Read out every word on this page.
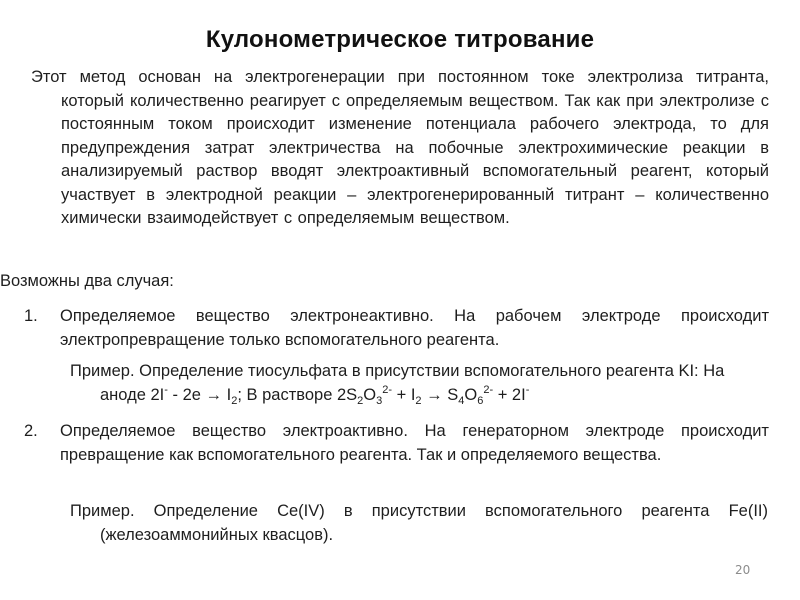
Кулонометрическое титрование
Этот метод основан на электрогенерации при постоянном токе электролиза титранта, который количественно реагирует с определяемым веществом. Так как при электролизе с постоянным током происходит изменение потенциала рабочего электрода, то для предупреждения затрат электричества на побочные электрохимические реакции в анализируемый раствор вводят электроактивный вспомогательный реагент, который участвует в электродной реакции – электрогенерированный титрант – количественно химически взаимодействует с определяемым веществом.
Возможны два случая:
1. Определяемое вещество электронеактивно. На рабочем электроде происходит электропревращение только вспомогательного реагента.
Пример. Определение тиосульфата в присутствии вспомогательного реагента KI: На аноде $2I^- - 2e \to I_2$; В растворе $2S_2O_3^{2-} + I_2 \to S_4O_6^{2-} + 2I^-$
2. Определяемое вещество электроактивно. На генераторном электроде происходит превращение как вспомогательного реагента. Так и определяемого вещества.
Пример. Определение Ce(IV) в присутствии вспомогательного реагента Fe(II) (железоаммонийных квасцов).
20
